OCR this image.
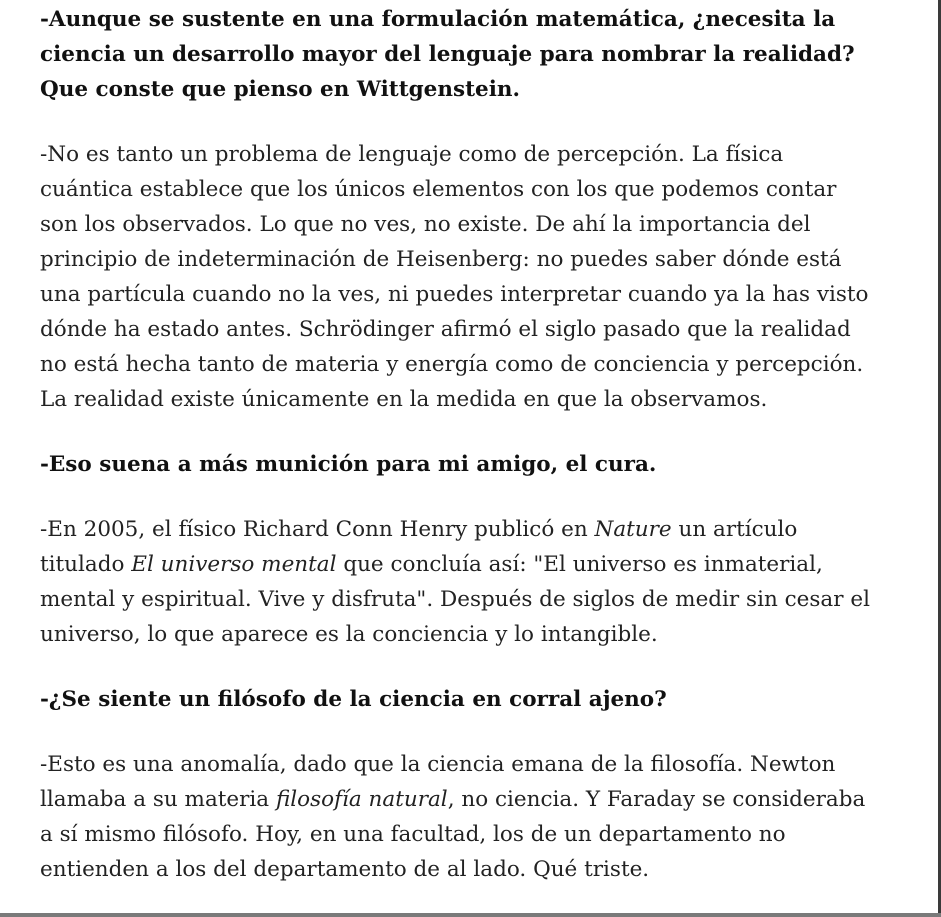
-Aunque se sustente en una formulación matemática, ¿necesita la ciencia un desarrollo mayor del lenguaje para nombrar la realidad? Que conste que pienso en Wittgenstein.

-No es tanto un problema de lenguaje como de percepción. La física cuántica establece que los únicos elementos con los que podemos contar son los observados. Lo que no ves, no existe. De ahí la importancia del principio de indeterminación de Heisenberg: no puedes saber dónde está una partícula cuando no la ves, ni puedes interpretar cuando ya la has visto dónde ha estado antes. Schrödinger afirmó el siglo pasado que la realidad no está hecha tanto de materia y energía como de conciencia y percepción. La realidad existe únicamente en la medida en que la observamos.

-Eso suena a más munición para mi amigo, el cura.

-En 2005, el físico Richard Conn Henry publicó en Nature un artículo titulado El universo mental que concluía así: "El universo es inmaterial, mental y espiritual. Vive y disfruta". Después de siglos de medir sin cesar el universo, lo que aparece es la conciencia y lo intangible.

-¿Se siente un filósofo de la ciencia en corral ajeno?

-Esto es una anomalía, dado que la ciencia emana de la filosofía. Newton llamaba a su materia filosofía natural, no ciencia. Y Faraday se consideraba a sí mismo filósofo. Hoy, en una facultad, los de un departamento no entienden a los del departamento de al lado. Qué triste.
